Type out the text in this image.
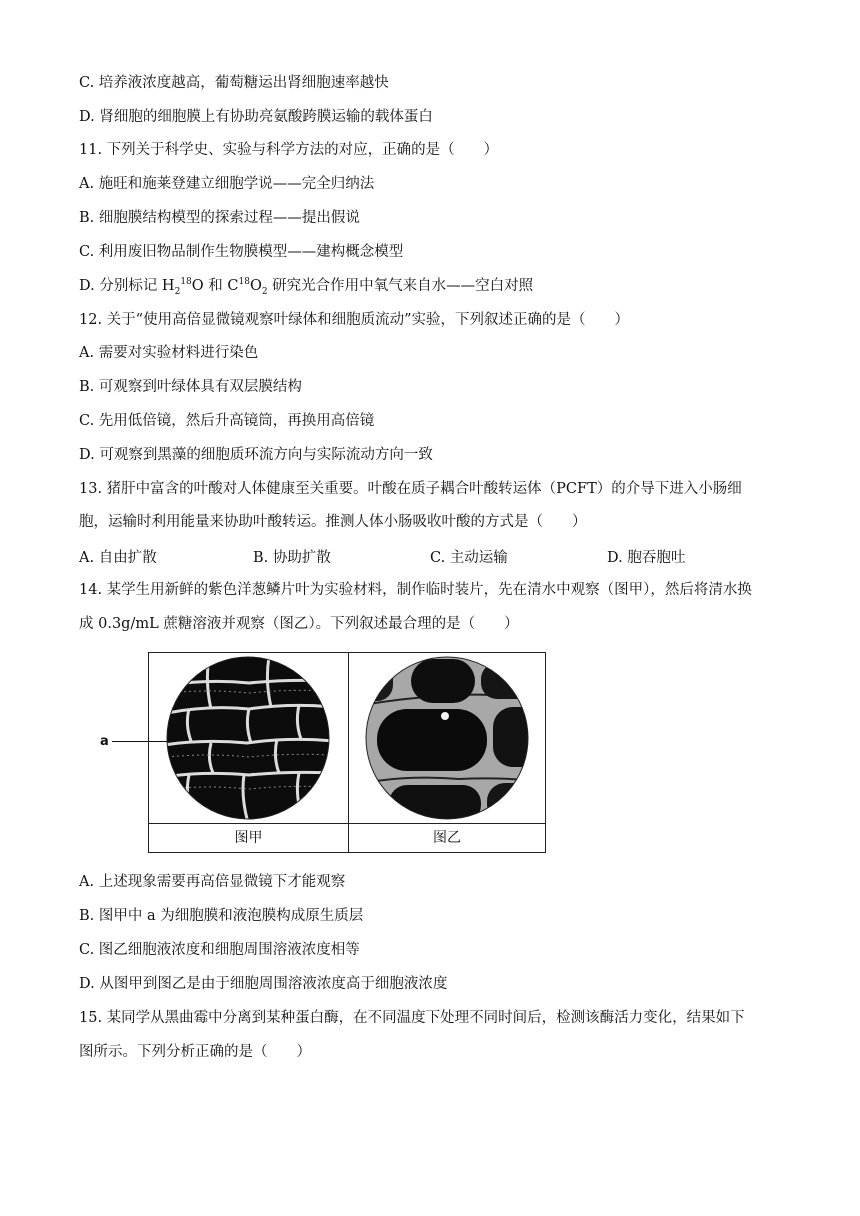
C. 培养液浓度越高，葡萄糖运出肾细胞速率越快
D. 肾细胞的细胞膜上有协助亮氨酸跨膜运输的载体蛋白
11. 下列关于科学史、实验与科学方法的对应，正确的是（　　）
A. 施旺和施莱登建立细胞学说——完全归纳法
B. 细胞膜结构模型的探索过程——提出假说
C. 利用废旧物品制作生物膜模型——建构概念模型
D. 分别标记 $H_2^{18}O$ 和 $C^{18}O_2$ 研究光合作用中氧气来自水——空白对照
12. 关于“使用高倍显微镜观察叶绿体和细胞质流动”实验，下列叙述正确的是（　　）
A. 需要对实验材料进行染色
B. 可观察到叶绿体具有双层膜结构
C. 先用低倍镜，然后升高镜筒，再换用高倍镜
D. 可观察到黑藻的细胞质环流方向与实际流动方向一致
13. 猪肝中富含的叶酸对人体健康至关重要。叶酸在质子耦合叶酸转运体（PCFT）的介导下进入小肠细
胞，运输时利用能量来协助叶酸转运。推测人体小肠吸收叶酸的方式是（　　）
A. 自由扩散	B. 协助扩散	C. 主动运输	D. 胞吞胞吐
14. 某学生用新鲜的紫色洋葱鳞片叶为实验材料，制作临时装片，先在清水中观察（图甲），然后将清水换
成 0.3g/mL 蔗糖溶液并观察（图乙）。下列叙述最合理的是（　　）
a
图甲	图乙
A. 上述现象需要再高倍显微镜下才能观察
B. 图甲中 a 为细胞膜和液泡膜构成原生质层
C. 图乙细胞液浓度和细胞周围溶液浓度相等
D. 从图甲到图乙是由于细胞周围溶液浓度高于细胞液浓度
15. 某同学从黑曲霉中分离到某种蛋白酶，在不同温度下处理不同时间后，检测该酶活力变化，结果如下
图所示。下列分析正确的是（　　）
